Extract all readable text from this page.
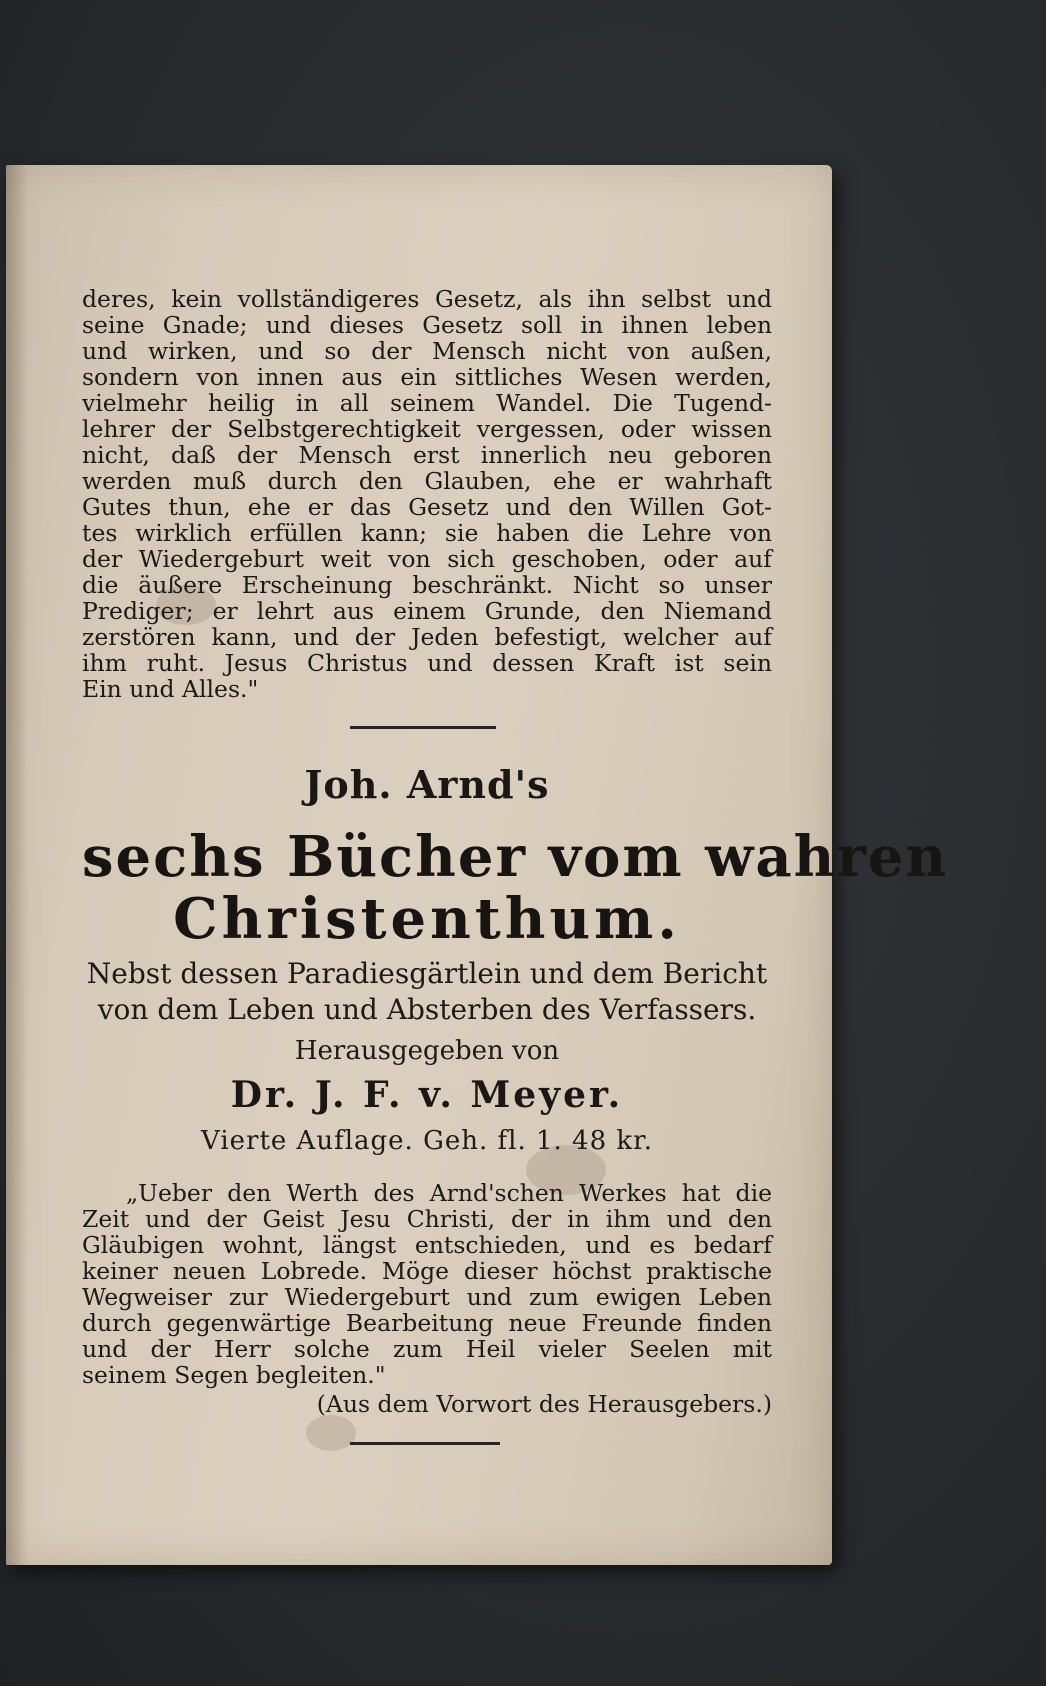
deres, kein vollständigeres Gesetz, als ihn selbst und
seine Gnade; und dieses Gesetz soll in ihnen leben
und wirken, und so der Mensch nicht von außen,
sondern von innen aus ein sittliches Wesen werden,
vielmehr heilig in all seinem Wandel. Die Tugend-
lehrer der Selbstgerechtigkeit vergessen, oder wissen
nicht, daß der Mensch erst innerlich neu geboren
werden muß durch den Glauben, ehe er wahrhaft
Gutes thun, ehe er das Gesetz und den Willen Got-
tes wirklich erfüllen kann; sie haben die Lehre von
der Wiedergeburt weit von sich geschoben, oder auf
die äußere Erscheinung beschränkt. Nicht so unser
Prediger; er lehrt aus einem Grunde, den Niemand
zerstören kann, und der Jeden befestigt, welcher auf
ihm ruht. Jesus Christus und dessen Kraft ist sein
Ein und Alles."
Joh. Arnd's
sechs Bücher vom wahren
Christenthum.
Nebst dessen Paradiesgärtlein und dem Bericht
von dem Leben und Absterben des Verfassers.
Herausgegeben von
Dr. J. F. v. Meyer.
Vierte Auflage. Geh. fl. 1. 48 kr.
„Ueber den Werth des Arnd'schen Werkes hat die
Zeit und der Geist Jesu Christi, der in ihm und den
Gläubigen wohnt, längst entschieden, und es bedarf
keiner neuen Lobrede. Möge dieser höchst praktische
Wegweiser zur Wiedergeburt und zum ewigen Leben
durch gegenwärtige Bearbeitung neue Freunde finden
und der Herr solche zum Heil vieler Seelen mit
seinem Segen begleiten."
(Aus dem Vorwort des Herausgebers.)
